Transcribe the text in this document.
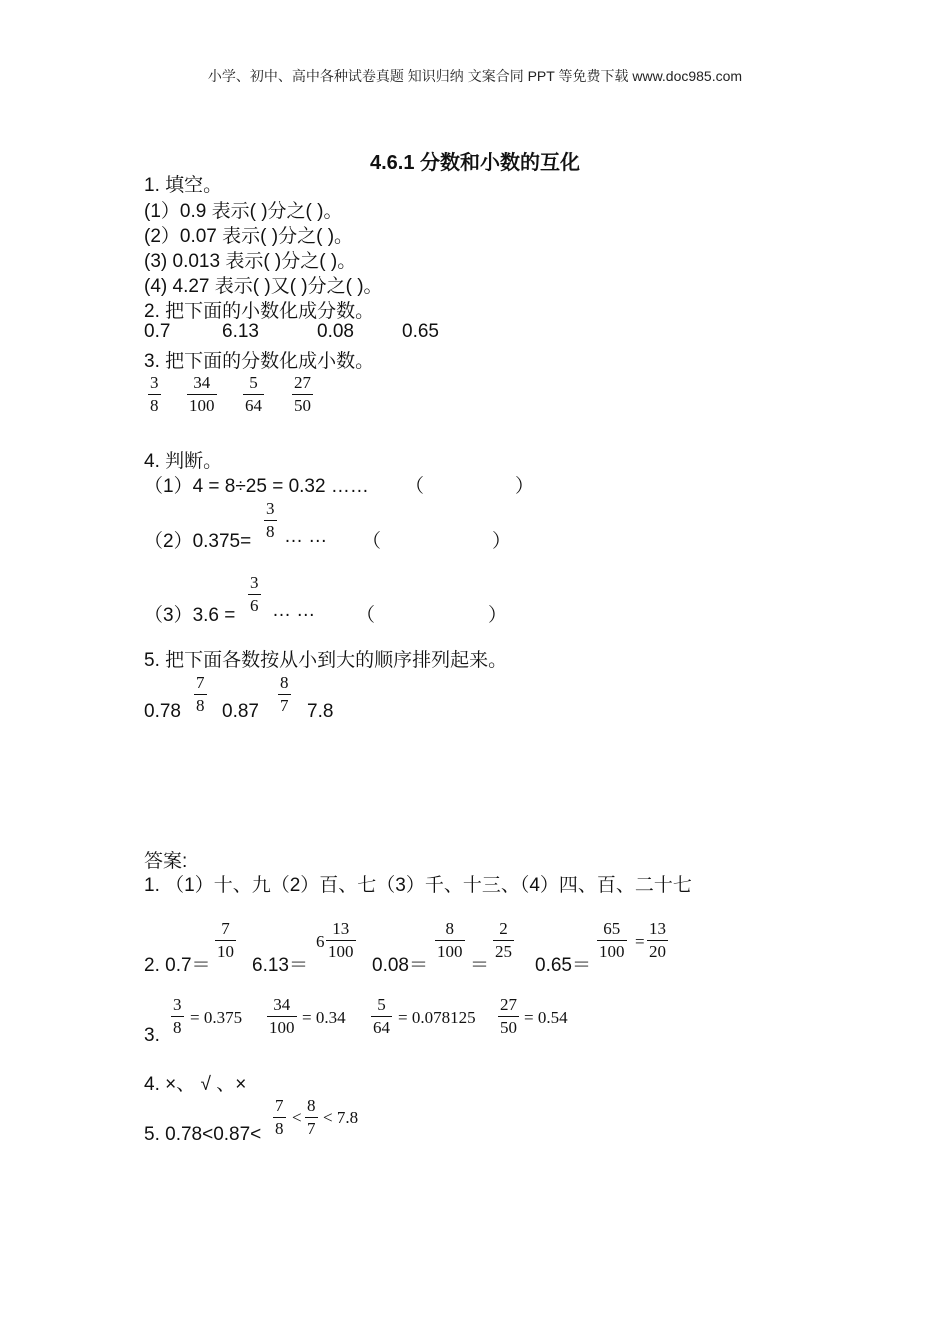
小学、初中、高中各种试卷真题 知识归纳 文案合同 PPT 等免费下载 www.doc985.com
4.6.1 分数和小数的互化
1. 填空。
(1）0.9 表示( )分之( )。
(2）0.07 表示( )分之( )。
(3) 0.013 表示( )分之( )。
(4) 4.27 表示( )又( )分之( )。
2. 把下面的小数化成分数。
0.7	6.13	0.08	0.65
3. 把下面的分数化成小数。
$\frac{3}{8} \frac{34}{100} \frac{5}{64} \frac{27}{50}$
4. 判断。
（1）4 = 8÷25 = 0.32 …… （	）
$(2)0.375= \frac{3}{8}$ … … （	）
$(3)3.6 = \frac{3}{6}$ … … （	）
5. 把下面各数按从小到大的顺序排列起来。
$0.78 \frac{7}{8} 0.87 \frac{8}{7} 7.8$
答案:
1. （1）十、九（2）百、七（3）千、十三、（4）四、百、二十七
2. 0.7＝
$\frac{7}{10}$
6.13＝
$6 \frac{13}{100}$
0.08＝
$\frac{8}{100}$
＝
$\frac{2}{25}$
0.65＝
$\frac{65}{100} = \frac{13}{20}$
3. $\frac{3}{8} = 0.375 \frac{34}{100} = 0.34 \frac{5}{64} = 0.078125 \frac{27}{50} = 0.54$
4. ×、 √ 、×
5. $0.78<0.87< \frac{7}{8} < \frac{8}{7} < 7.8$
